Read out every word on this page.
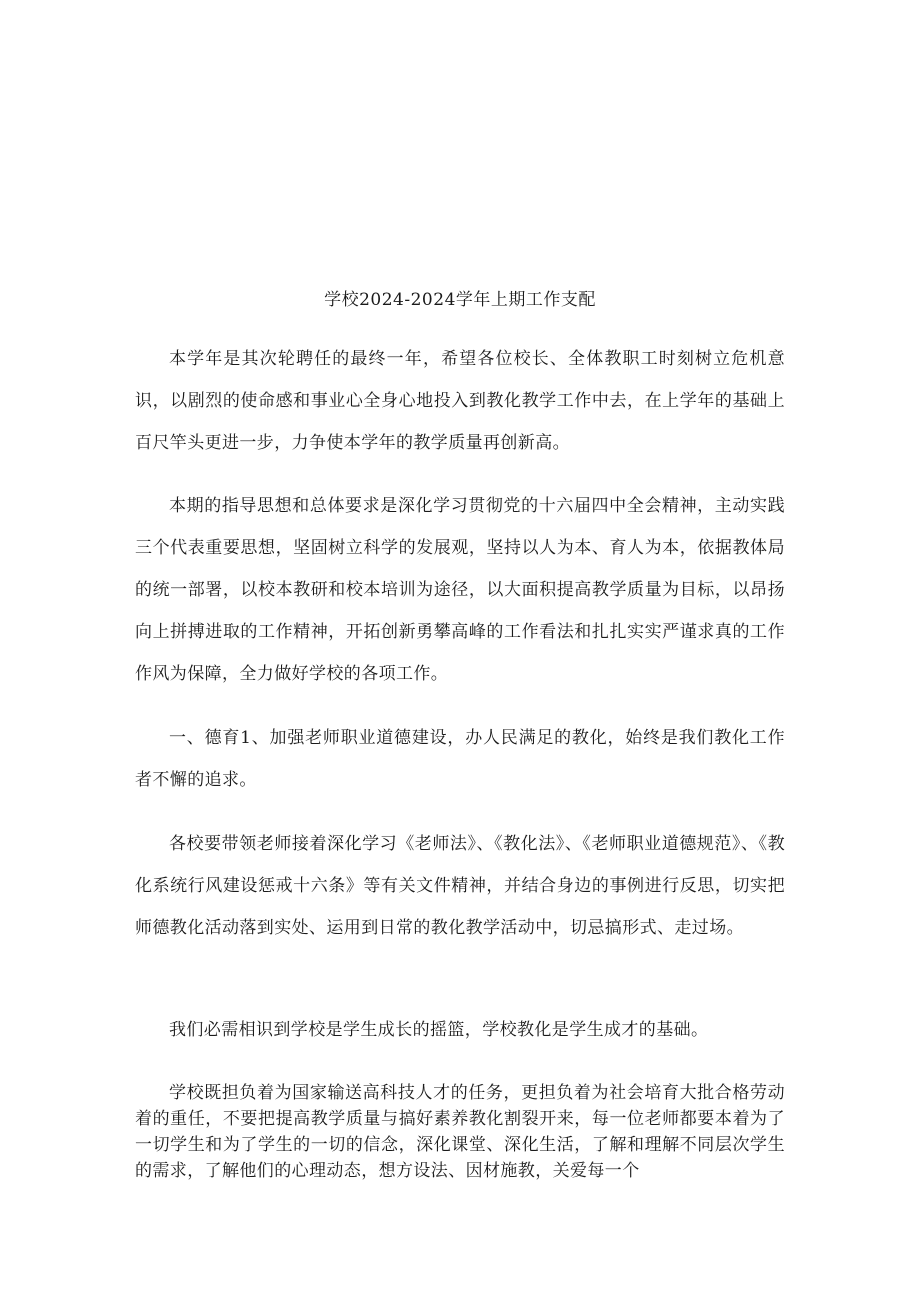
学校2024-2024学年上期工作支配

本学年是其次轮聘任的最终一年，希望各位校长、全体教职工时刻树立危机意识，以剧烈的使命感和事业心全身心地投入到教化教学工作中去，在上学年的基础上百尺竿头更进一步，力争使本学年的教学质量再创新高。

本期的指导思想和总体要求是深化学习贯彻党的十六届四中全会精神，主动实践三个代表重要思想，坚固树立科学的发展观，坚持以人为本、育人为本，依据教体局的统一部署，以校本教研和校本培训为途径，以大面积提高教学质量为目标，以昂扬向上拼搏进取的工作精神，开拓创新勇攀高峰的工作看法和扎扎实实严谨求真的工作作风为保障，全力做好学校的各项工作。

一、德育1、加强老师职业道德建设，办人民满足的教化，始终是我们教化工作者不懈的追求。

各校要带领老师接着深化学习《老师法》、《教化法》、《老师职业道德规范》、《教化系统行风建设惩戒十六条》等有关文件精神，并结合身边的事例进行反思，切实把师德教化活动落到实处、运用到日常的教化教学活动中，切忌搞形式、走过场。

我们必需相识到学校是学生成长的摇篮，学校教化是学生成才的基础。

学校既担负着为国家输送高科技人才的任务，更担负着为社会培育大批合格劳动着的重任，不要把提高教学质量与搞好素养教化割裂开来，每一位老师都要本着为了一切学生和为了学生的一切的信念，深化课堂、深化生活，了解和理解不同层次学生的需求，了解他们的心理动态，想方设法、因材施教，关爱每一个
